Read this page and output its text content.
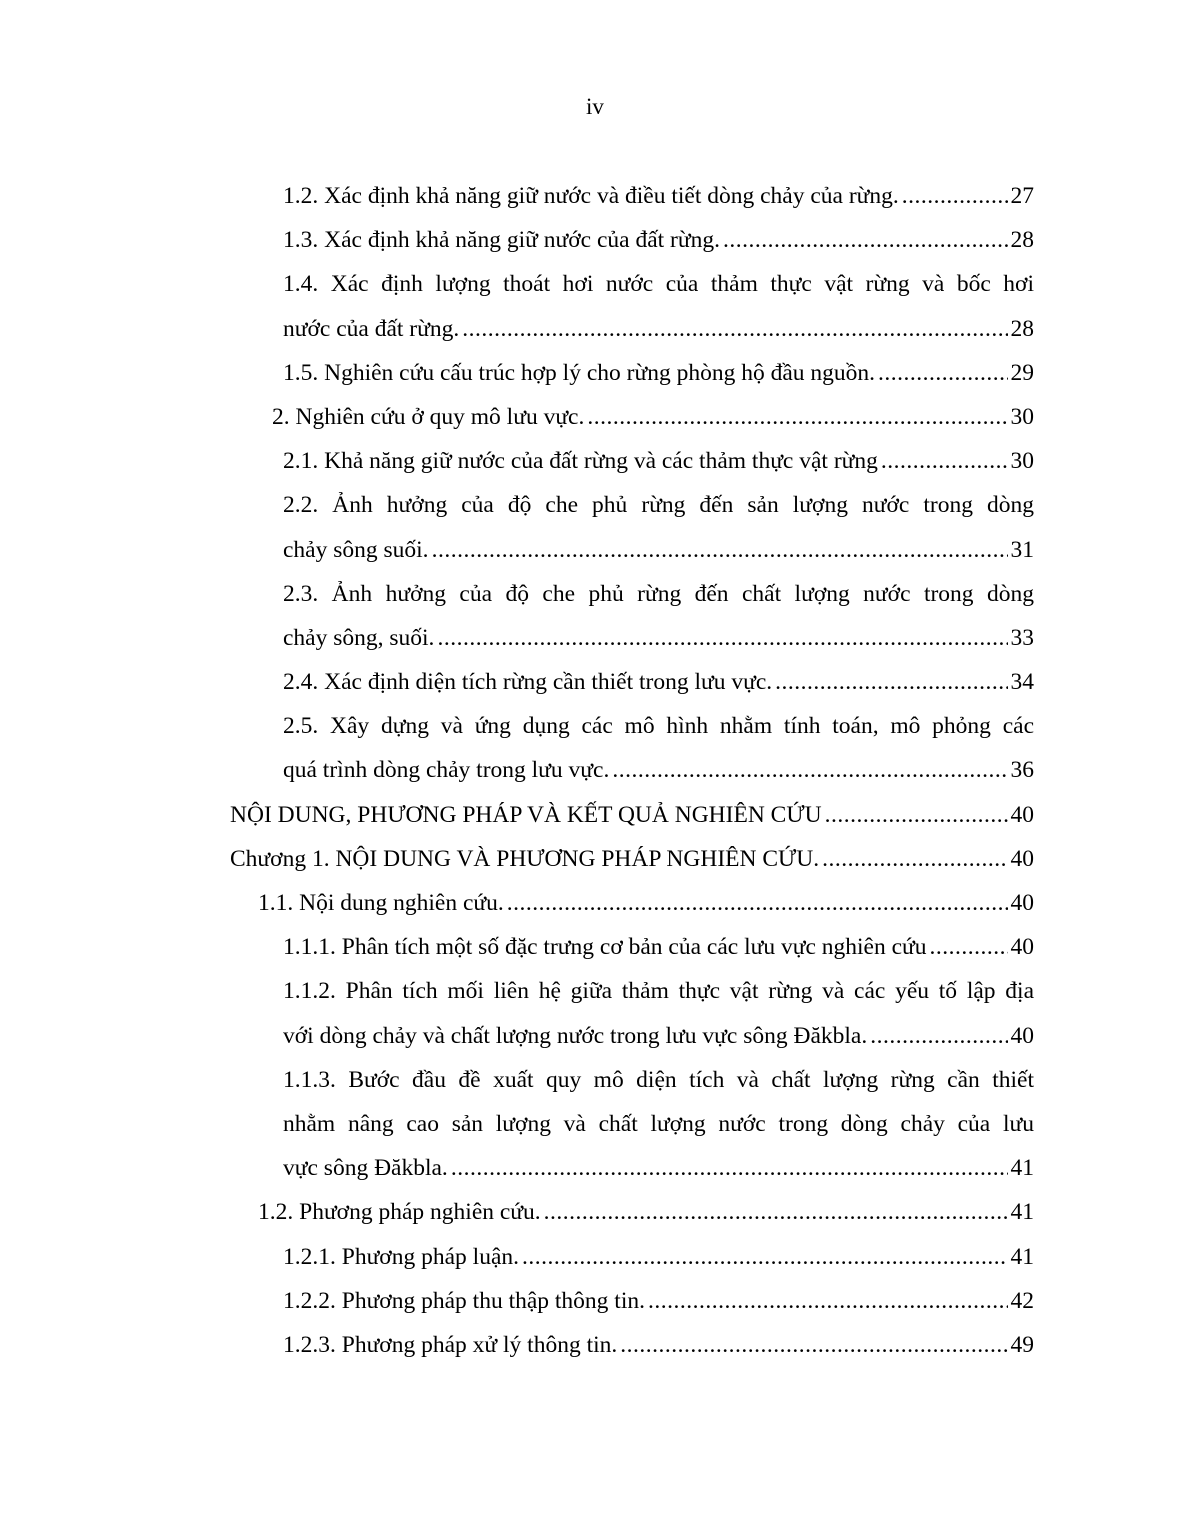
iv
1.2. Xác định khả năng giữ nước và điều tiết dòng chảy của rừng. .....	27
1.3. Xác định khả năng giữ nước của đất rừng. .....	28
1.4. Xác định lượng thoát hơi nước của thảm thực vật rừng và bốc hơi
nước của đất rừng. .....	28
1.5. Nghiên cứu cấu trúc hợp lý cho rừng phòng hộ đầu nguồn. .....	29
2. Nghiên cứu ở quy mô lưu vực. .....	30
2.1. Khả năng giữ nước của đất rừng và các thảm thực vật rừng .....	30
2.2. Ảnh hưởng của độ che phủ rừng đến sản lượng nước trong dòng
chảy sông suối. .....	31
2.3. Ảnh hưởng của độ che phủ rừng đến chất lượng nước trong dòng
chảy sông, suối. .....	33
2.4. Xác định diện tích rừng cần thiết trong lưu vực. .....	34
2.5. Xây dựng và ứng dụng các mô hình nhằm tính toán, mô phỏng các
quá trình dòng chảy trong lưu vực. .....	36
NỘI DUNG, PHƯƠNG PHÁP VÀ KẾT QUẢ NGHIÊN CỨU .....	40
Chương 1. NỘI DUNG VÀ PHƯƠNG PHÁP NGHIÊN CỨU. .....	40
1.1. Nội dung nghiên cứu. .....	40
1.1.1. Phân tích một số đặc trưng cơ bản của các lưu vực nghiên cứu .....	40
1.1.2. Phân tích mối liên hệ giữa thảm thực vật rừng và các yếu tố lập địa
với dòng chảy và chất lượng nước trong lưu vực sông Đăkbla. .....	40
1.1.3. Bước đầu đề xuất quy mô diện tích và chất lượng rừng cần thiết
nhằm nâng cao sản lượng và chất lượng nước trong dòng chảy của lưu
vực sông Đăkbla. .....	41
1.2. Phương pháp nghiên cứu. .....	41
1.2.1. Phương pháp luận. .....	41
1.2.2. Phương pháp thu thập thông tin. .....	42
1.2.3. Phương pháp xử lý thông tin. .....	49
